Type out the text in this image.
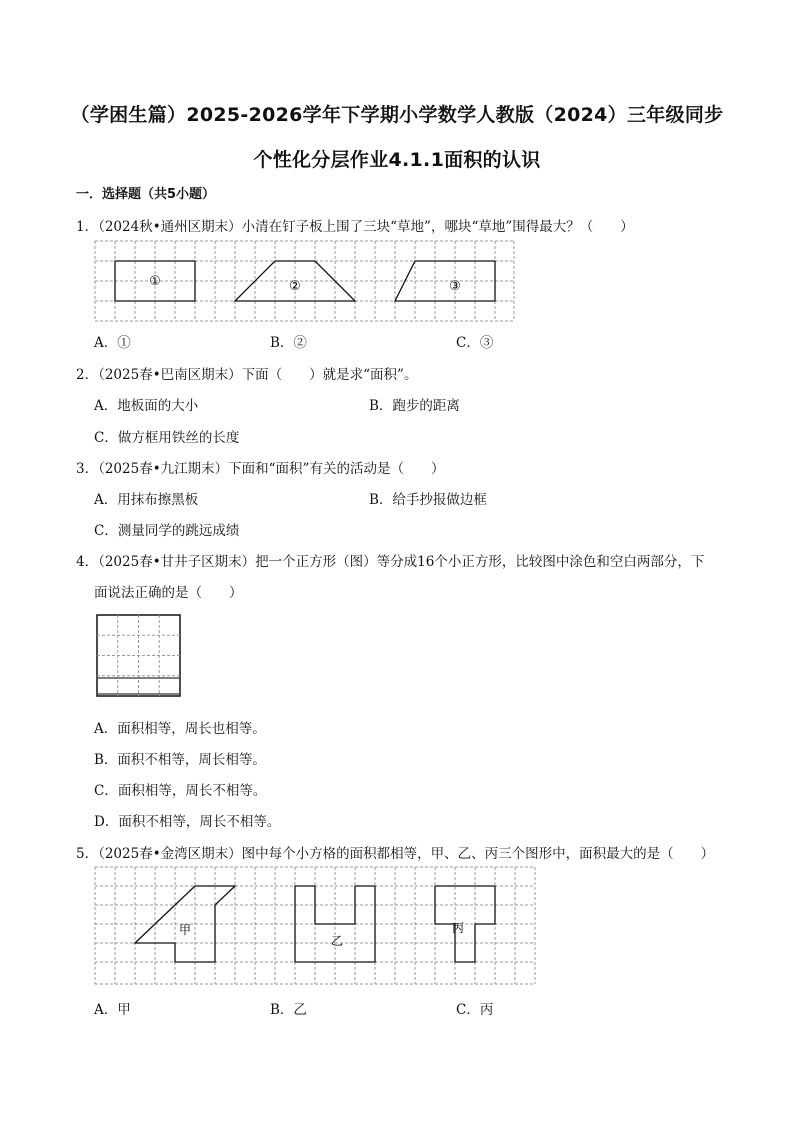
（学困生篇）2025-2026学年下学期小学数学人教版（2024）三年级同步
个性化分层作业4.1.1面积的认识
一．选择题（共5小题）
1．（2024秋•通州区期末）小清在钉子板上围了三块“草地”，哪块“草地”围得最大？（　　）
①	②	③
A．①	B．②	C．③
2．（2025春•巴南区期末）下面（　　）就是求“面积”。
A．地板面的大小	B．跑步的距离
C．做方框用铁丝的长度
3．（2025春•九江期末）下面和“面积”有关的活动是（　　）
A．用抹布擦黑板	B．给手抄报做边框
C．测量同学的跳远成绩
4．（2025春•甘井子区期末）把一个正方形（图）等分成16个小正方形，比较图中涂色和空白两部分，下
面说法正确的是（　　）
A．面积相等，周长也相等。
B．面积不相等，周长相等。
C．面积相等，周长不相等。
D．面积不相等，周长不相等。
5．（2025春•金湾区期末）图中每个小方格的面积都相等，甲、乙、丙三个图形中，面积最大的是（　　）
甲
乙
丙
A．甲	B．乙	C．丙
